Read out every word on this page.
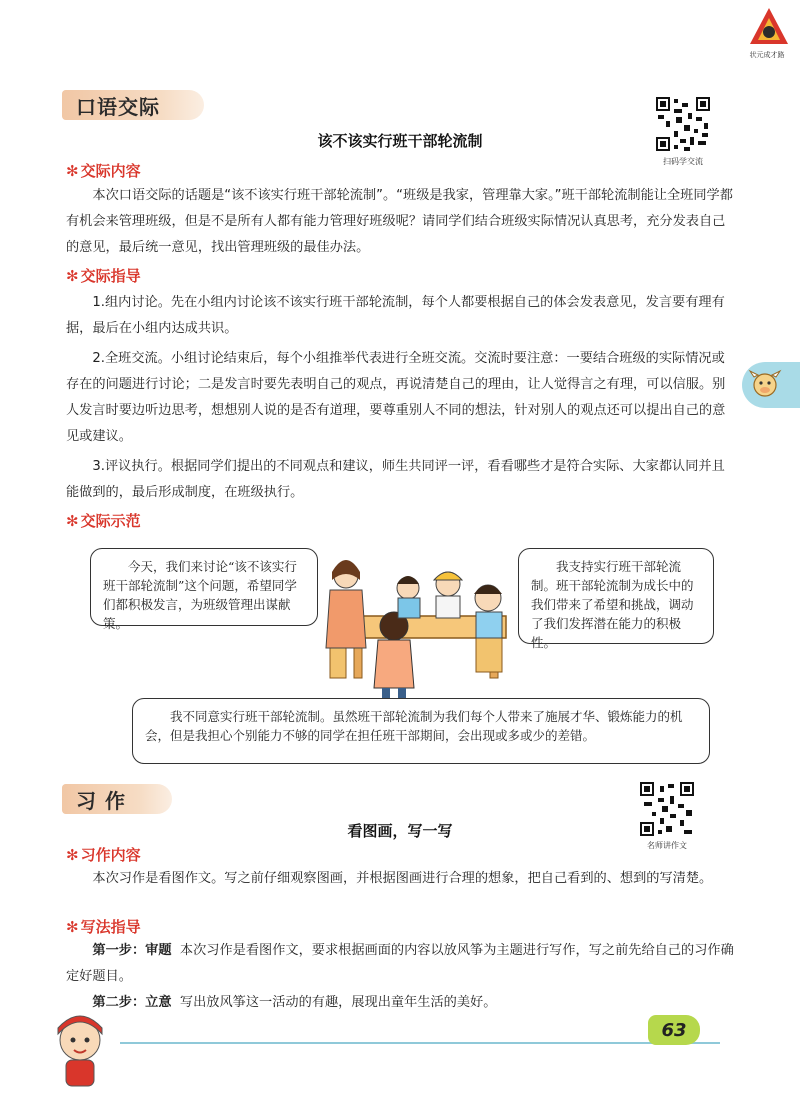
状元成才路
口语交际
该不该实行班干部轮流制
扫码学交流
✻ 交际内容
本次口语交际的话题是“该不该实行班干部轮流制”。“班级是我家，管理靠大家。”班干部轮流制能让全班同学都有机会来管理班级，但是不是所有人都有能力管理好班级呢？请同学们结合班级实际情况认真思考，充分发表自己的意见，最后统一意见，找出管理班级的最佳办法。
✻ 交际指导
1.组内讨论。先在小组内讨论该不该实行班干部轮流制，每个人都要根据自己的体会发表意见，发言要有理有据，最后在小组内达成共识。
2.全班交流。小组讨论结束后，每个小组推举代表进行全班交流。交流时要注意：一要结合班级的实际情况或存在的问题进行讨论；二是发言时要先表明自己的观点，再说清楚自己的理由，让人觉得言之有理，可以信服。别人发言时要边听边思考，想想别人说的是否有道理，要尊重别人不同的想法，针对别人的观点还可以提出自己的意见或建议。
3.评议执行。根据同学们提出的不同观点和建议，师生共同评一评，看看哪些才是符合实际、大家都认同并且能做到的，最后形成制度，在班级执行。
✻ 交际示范
今天，我们来讨论“该不该实行班干部轮流制”这个问题，希望同学们都积极发言，为班级管理出谋献策。
我支持实行班干部轮流制。班干部轮流制为成长中的我们带来了希望和挑战，调动了我们发挥潜在能力的积极性。
我不同意实行班干部轮流制。虽然班干部轮流制为我们每个人带来了施展才华、锻炼能力的机会，但是我担心个别能力不够的同学在担任班干部期间，会出现或多或少的差错。
习 作
看图画，写一写
名师讲作文
✻ 习作内容
本次习作是看图作文。写之前仔细观察图画，并根据图画进行合理的想象，把自己看到的、想到的写清楚。
✻ 写法指导
第一步：审题 本次习作是看图作文，要求根据画面的内容以放风筝为主题进行写作，写之前先给自己的习作确定好题目。
第二步：立意 写出放风筝这一活动的有趣，展现出童年生活的美好。
63
